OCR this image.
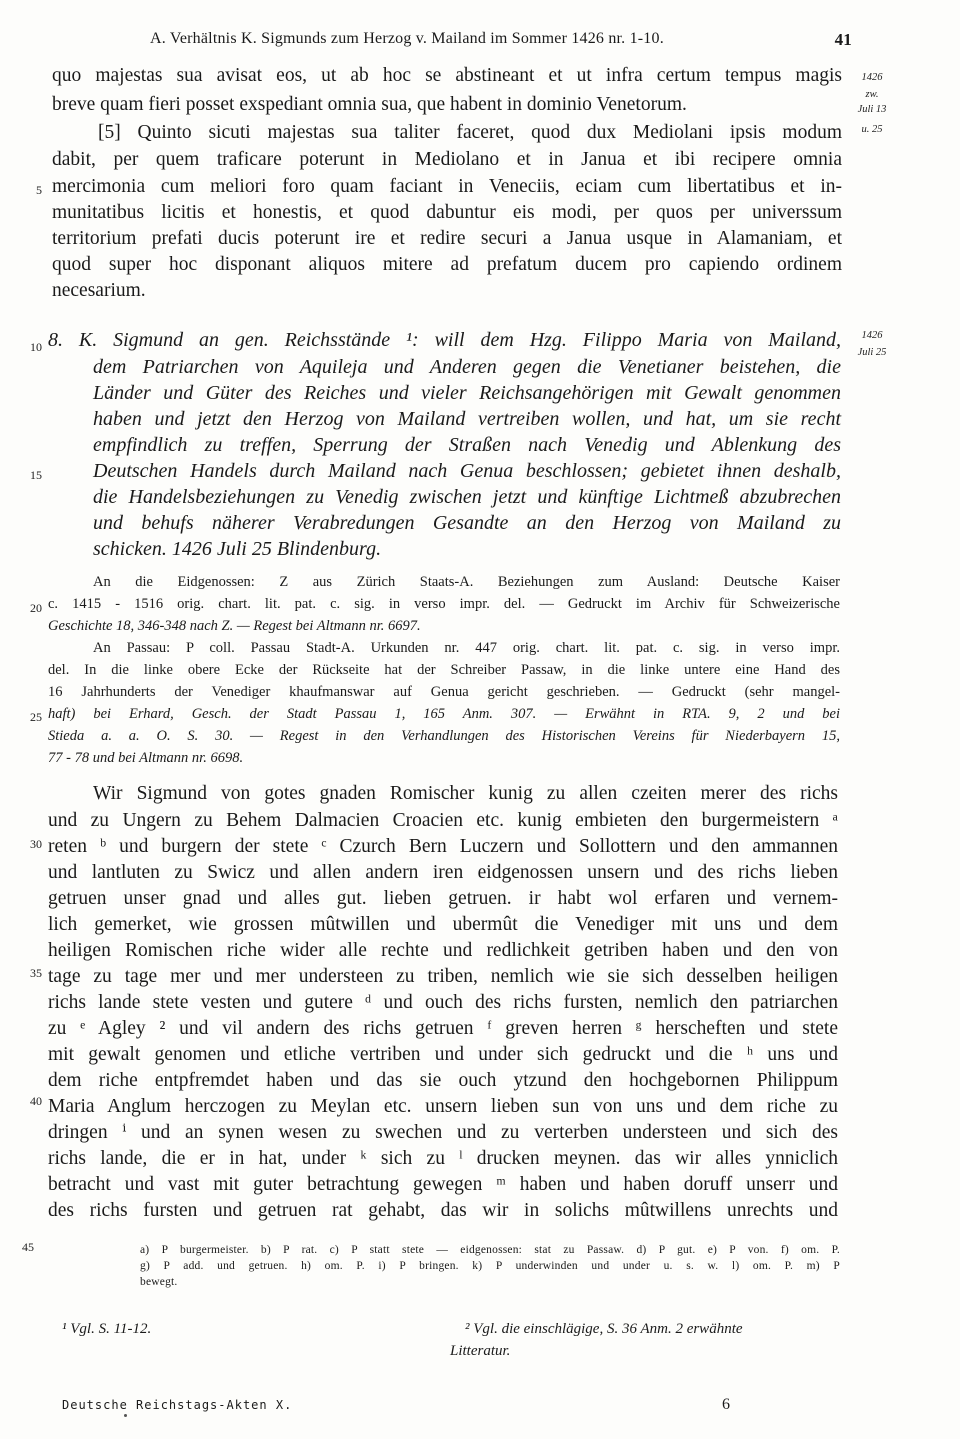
A. Verhältnis K. Sigmunds zum Herzog v. Mailand im Sommer 1426 nr. 1-10.	41
1426
zw.
Juli 13
u. 25
1426
Juli 25
5
10
15
20
25
30
35
40
45
quo majestas sua avisat eos, ut ab hoc se abstineant et ut infra certum tempus magis
breve quam fieri posset exspediant omnia sua, que habent in dominio Venetorum.
[5] Quinto sicuti majestas sua taliter faceret, quod dux Mediolani ipsis modum
dabit, per quem traficare poterunt in Mediolano et in Janua et ibi recipere omnia
mercimonia cum meliori foro quam faciant in Veneciis, eciam cum libertatibus et in-
munitatibus licitis et honestis, et quod dabuntur eis modi, per quos per universsum
territorium prefati ducis poterunt ire et redire securi a Janua usque in Alamaniam, et
quod super hoc disponant aliquos mitere ad prefatum ducem pro capiendo ordinem
necesarium.
8. K. Sigmund an gen. Reichsstände ¹: will dem Hzg. Filippo Maria von Mailand,
dem Patriarchen von Aquileja und Anderen gegen die Venetianer beistehen, die
Länder und Güter des Reiches und vieler Reichsangehörigen mit Gewalt genommen
haben und jetzt den Herzog von Mailand vertreiben wollen, und hat, um sie recht
empfindlich zu treffen, Sperrung der Straßen nach Venedig und Ablenkung des
Deutschen Handels durch Mailand nach Genua beschlossen; gebietet ihnen deshalb,
die Handelsbeziehungen zu Venedig zwischen jetzt und künftige Lichtmeß abzubrechen
und behufs näherer Verabredungen Gesandte an den Herzog von Mailand zu
schicken. 1426 Juli 25 Blindenburg.
An die Eidgenossen: Z aus Zürich Staats-A. Beziehungen zum Ausland: Deutsche Kaiser
c. 1415 - 1516 orig. chart. lit. pat. c. sig. in verso impr. del. — Gedruckt im Archiv für Schweizerische
Geschichte 18, 346-348 nach Z. — Regest bei Altmann nr. 6697.
An Passau: P coll. Passau Stadt-A. Urkunden nr. 447 orig. chart. lit. pat. c. sig. in verso impr.
del. In die linke obere Ecke der Rückseite hat der Schreiber Passaw, in die linke untere eine Hand des
16 Jahrhunderts der Venediger khaufmanswar auf Genua gericht geschrieben. — Gedruckt (sehr mangel-
haft) bei Erhard, Gesch. der Stadt Passau 1, 165 Anm. 307. — Erwähnt in RTA. 9, 2 und bei
Stieda a. a. O. S. 30. — Regest in den Verhandlungen des Historischen Vereins für Niederbayern 15,
77 - 78 und bei Altmann nr. 6698.
Wir Sigmund von gotes gnaden Romischer kunig zu allen czeiten merer des richs
und zu Ungern zu Behem Dalmacien Croacien etc. kunig embieten den burgermeistern ᵃ
reten ᵇ und burgern der stete ᶜ Czurch Bern Luczern und Sollottern und den ammannen
und lantluten zu Swicz und allen andern iren eidgenossen unsern und des richs lieben
getruen unser gnad und alles gut. lieben getruen. ir habt wol erfaren und vernem-
lich gemerket, wie grossen mûtwillen und ubermût die Venediger mit uns und dem
heiligen Romischen riche wider alle rechte und redlichkeit getriben haben und den von
tage zu tage mer und mer understeen zu triben, nemlich wie sie sich desselben heiligen
richs lande stete vesten und gutere ᵈ und ouch des richs fursten, nemlich den patriarchen
zu ᵉ Agley ² und vil andern des richs getruen ᶠ greven herren ᵍ herscheften und stete
mit gewalt genomen und etliche vertriben und under sich gedruckt und die ʰ uns und
dem riche entpfremdet haben und das sie ouch ytzund den hochgebornen Philippum
Maria Anglum herczogen zu Meylan etc. unsern lieben sun von uns und dem riche zu
dringen ⁱ und an synen wesen zu swechen und zu verterben understeen und sich des
richs lande, die er in hat, under ᵏ sich zu ˡ drucken meynen. das wir alles ynniclich
betracht und vast mit guter betrachtung gewegen ᵐ haben und haben doruff unserr und
des richs fursten und getruen rat gehabt, das wir in solichs mûtwillens unrechts und
a) P burgermeister. b) P rat. c) P statt stete — eidgenossen: stat zu Passaw. d) P gut. e) P von. f) om. P.
g) P add. und getruen. h) om. P. i) P bringen. k) P underwinden und under u. s. w. l) om. P. m) P
bewegt.
¹ Vgl. S. 11-12.	² Vgl. die einschlägige, S. 36 Anm. 2 erwähnte
Litteratur.
Deutsche Reichstags-Akten X.	6
